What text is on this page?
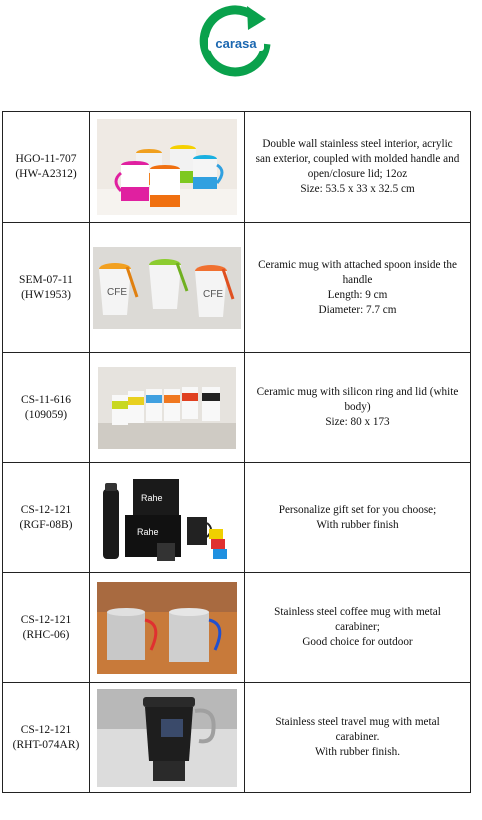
carasa
HGO-11-707
(HW-A2312)		Double wall stainless steel interior, acrylic
san exterior, coupled with molded handle and
open/closure lid; 12oz
Size: 53.5 x 33 x 32.5 cm

SEM-07-11
(HW1953)	CFE CFE	Ceramic mug with attached spoon inside the
handle
Length: 9 cm
Diameter: 7.7 cm

CS-11-616
(109059)		Ceramic mug with silicon ring and lid (white
body)
Size: 80 x 173

CS-12-121
(RGF-08B)	Rahe
Rahe	Personalize gift set for you choose;
With rubber finish

CS-12-121
(RHC-06)		Stainless steel coffee mug with metal
carabiner;
Good choice for outdoor

CS-12-121
(RHT-074AR)		Stainless steel travel mug with metal
carabiner.
With rubber finish.
